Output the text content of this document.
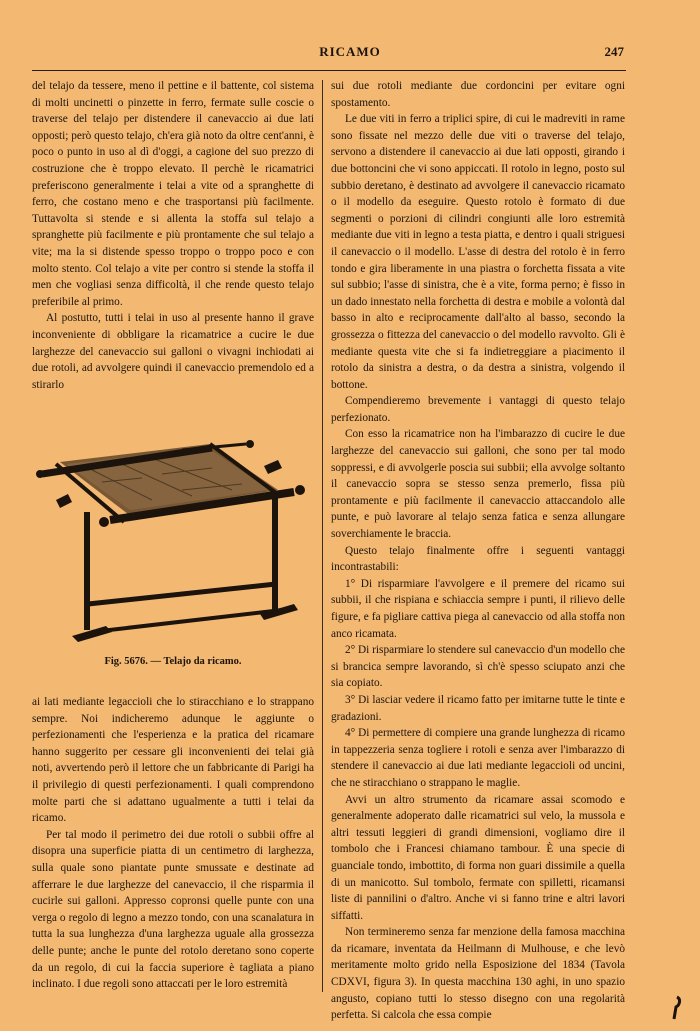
RICAMO	247

del telajo da tessere, meno il pettine e il battente, col sistema di molti uncinetti o pinzette in ferro, fermate sulle coscie o traverse del telajo per distendere il canevaccio ai due lati opposti; però questo telajo, ch'era già noto da oltre cent'anni, è poco o punto in uso al dì d'oggi, a cagione del suo prezzo di costruzione che è troppo elevato. Il perchè le ricamatrici preferiscono generalmente i telai a vite od a spranghette di ferro, che costano meno e che trasportansi più facilmente. Tuttavolta si stende e si allenta la stoffa sul telajo a spranghette più facilmente e più prontamente che sul telajo a vite; ma la si distende spesso troppo o troppo poco e con molto stento. Col telajo a vite per contro si stende la stoffa il men che vogliasi senza difficoltà, il che rende questo telajo preferibile al primo.

Al postutto, tutti i telai in uso al presente hanno il grave inconveniente di obbligare la ricamatrice a cucire le due larghezze del canevaccio sui galloni o vivagni inchiodati ai due rotoli, ad avvolgere quindi il canevaccio premendolo ed a stirarlo

Fig. 5676. — Telajo da ricamo.

ai lati mediante legaccioli che lo stiracchiano e lo strappano sempre. Noi indicheremo adunque le aggiunte o perfezionamenti che l'esperienza e la pratica del ricamare hanno suggerito per cessare gli inconvenienti dei telai già noti, avvertendo però il lettore che un fabbricante di Parigi ha il privilegio di questi perfezionamenti. I quali comprendono molte parti che si adattano ugualmente a tutti i telai da ricamo.

Per tal modo il perimetro dei due rotoli o subbii offre al disopra una superficie piatta di un centimetro di larghezza, sulla quale sono piantate punte smussate e destinate ad afferrare le due larghezze del canevaccio, il che risparmia il cucirle sui galloni. Appresso copronsi quelle punte con una verga o regolo di legno a mezzo tondo, con una scanalatura in tutta la sua lunghezza d'una larghezza uguale alla grossezza delle punte; anche le punte del rotolo deretano sono coperte da un regolo, di cui la faccia superiore è tagliata a piano inclinato. I due regoli sono attaccati per le loro estremità

sui due rotoli mediante due cordoncini per evitare ogni spostamento.

Le due viti in ferro a triplici spire, di cui le madreviti in rame sono fissate nel mezzo delle due viti o traverse del telajo, servono a distendere il canevaccio ai due lati opposti, girando i due bottoncini che vi sono appiccati. Il rotolo in legno, posto sul subbio deretano, è destinato ad avvolgere il canevaccio ricamato o il modello da eseguire. Questo rotolo è formato di due segmenti o porzioni di cilindri congiunti alle loro estremità mediante due viti in legno a testa piatta, e dentro i quali striguesi il canevaccio o il modello. L'asse di destra del rotolo è in ferro tondo e gira liberamente in una piastra o forchetta fissata a vite sul subbio; l'asse di sinistra, che è a vite, forma perno; è fisso in un dado innestato nella forchetta di destra e mobile a volontà dal basso in alto e reciprocamente dall'alto al basso, secondo la grossezza o fittezza del canevaccio o del modello ravvolto. Gli è mediante questa vite che si fa indietreggiare a piacimento il rotolo da sinistra a destra, o da destra a sinistra, volgendo il bottone.

Compendieremo brevemente i vantaggi di questo telajo perfezionato.

Con esso la ricamatrice non ha l'imbarazzo di cucire le due larghezze del canevaccio sui galloni, che sono per tal modo soppressi, e di avvolgerle poscia sui subbii; ella avvolge soltanto il canevaccio sopra se stesso senza premerlo, fissa più prontamente e più facilmente il canevaccio attaccandolo alle punte, e può lavorare al telajo senza fatica e senza allungare soverchiamente le braccia.

Questo telajo finalmente offre i seguenti vantaggi incontrastabili:

1° Di risparmiare l'avvolgere e il premere del ricamo sui subbii, il che rispiana e schiaccia sempre i punti, il rilievo delle figure, e fa pigliare cattiva piega al canevaccio od alla stoffa non anco ricamata.

2° Di risparmiare lo stendere sul canevaccio d'un modello che si brancica sempre lavorando, sì ch'è spesso sciupato anzi che sia copiato.

3° Di lasciar vedere il ricamo fatto per imitarne tutte le tinte e gradazioni.

4° Di permettere di compiere una grande lunghezza di ricamo in tappezzeria senza togliere i rotoli e senza aver l'imbarazzo di stendere il canevaccio ai due lati mediante legaccioli od uncini, che ne stiracchiano o strappano le maglie.

Avvi un altro strumento da ricamare assai scomodo e generalmente adoperato dalle ricamatrici sul velo, la mussola e altri tessuti leggieri di grandi dimensioni, vogliamo dire il tombolo che i Francesi chiamano tambour. È una specie di guanciale tondo, imbottito, di forma non guari dissimile a quella di un manicotto. Sul tombolo, fermate con spilletti, ricamansi liste di pannilini o d'altro. Anche vi si fanno trine e altri lavori siffatti.

Non termineremo senza far menzione della famosa macchina da ricamare, inventata da Heilmann di Mulhouse, e che levò meritamente molto grido nella Esposizione del 1834 (Tavola CDXVI, figura 3). In questa macchina 130 aghi, in uno spazio angusto, copiano tutti lo stesso disegno con una regolarità perfetta. Si calcola che essa compie
